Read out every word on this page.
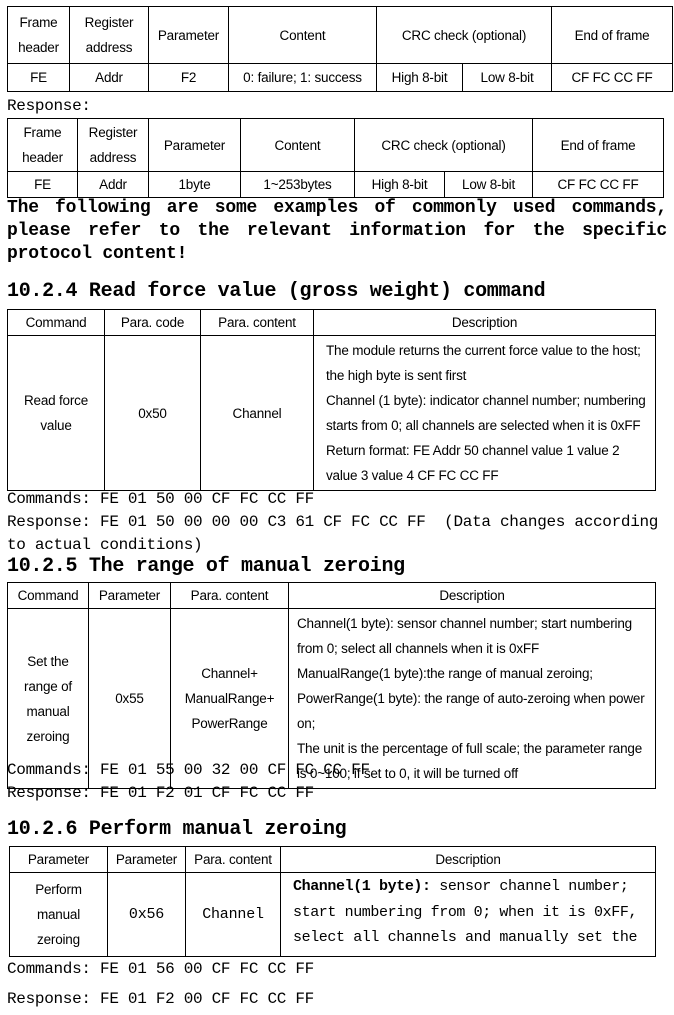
Frame header	Register address	Parameter	Content	CRC check (optional)		End of frame
FE	Addr	F2	0: failure; 1: success	High 8-bit	Low 8-bit	CF FC CC FF
Response:
Frame header	Register address	Parameter	Content	CRC check (optional)		End of frame
FE	Addr	1byte	1~253bytes	High 8-bit	Low 8-bit	CF FC CC FF
The following are some examples of commonly used commands, please refer to the relevant information for the specific protocol content!
10.2.4 Read force value (gross weight) command
Command	Para. code	Para. content	Description
Read force value	0x50	Channel	The module returns the current force value to the host; the high byte is sent first
Channel (1 byte): indicator channel number; numbering starts from 0; all channels are selected when it is 0xFF
Return format: FE Addr 50 channel value 1 value 2 value 3 value 4 CF FC CC FF
Commands: FE 01 50 00 CF FC CC FF
Response: FE 01 50 00 00 00 C3 61 CF FC CC FF  (Data changes according
to actual conditions)
10.2.5 The range of manual zeroing
Command	Parameter	Para. content	Description
Set the range of manual zeroing	0x55	Channel+ ManualRange+ PowerRange	Channel(1 byte): sensor channel number; start numbering from 0; select all channels when it is 0xFF
ManualRange(1 byte):the range of manual zeroing;
PowerRange(1 byte): the range of auto-zeroing when power on;
The unit is the percentage of full scale; the parameter range is 0~100; if set to 0, it will be turned off
Commands: FE 01 55 00 32 00 CF FC CC FF
Response: FE 01 F2 01 CF FC CC FF
10.2.6 Perform manual zeroing
Parameter	Parameter	Para. content	Description
Perform manual zeroing	0x56	Channel	Channel(1 byte): sensor channel number; start numbering from 0; when it is 0xFF, select all channels and manually set the
Commands: FE 01 56 00 CF FC CC FF
Response: FE 01 F2 00 CF FC CC FF
